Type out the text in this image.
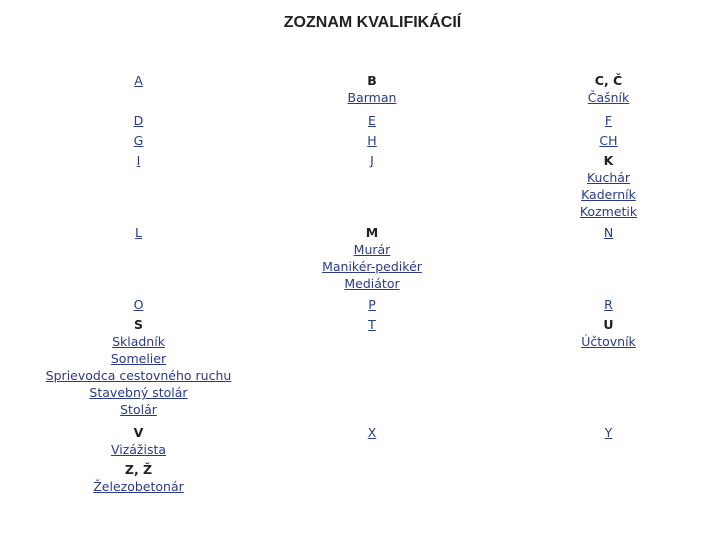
ZOZNAM KVALIFIKÁCIÍ
A
D
G
I
L
O
S
Skladník
Somelier
Sprievodca cestovného ruchu
Stavebný stolár
Stolár
V
Vizážista
Z, Ž
Železobetonár
B
Barman
E
H
J
M
Murár
Manikér-pedikér
Mediátor
P
T
X
C, Č
Čašník
F
CH
K
Kuchár
Kaderník
Kozmetik
N
R
U
Účtovník
Y
